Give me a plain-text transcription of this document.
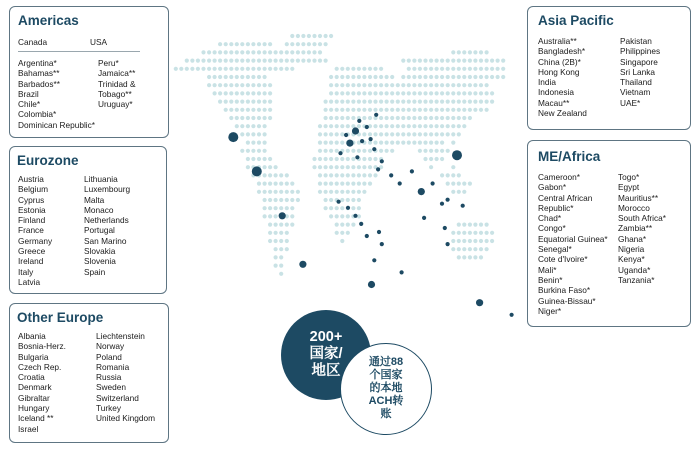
Americas
Canada	USA
Argentina*
Bahamas**
Barbados**
Brazil
Chile*
Colombia*
Dominican Republic*
Peru*
Jamaica**
Trinidad &
Tobago**
Uruguay*
Eurozone
Austria
Belgium
Cyprus
Estonia
Finland
France
Germany
Greece
Ireland
Italy
Latvia
Lithuania
Luxembourg
Malta
Monaco
Netherlands
Portugal
San Marino
Slovakia
Slovenia
Spain
Other Europe
Albania
Bosnia-Herz.
Bulgaria
Czech Rep.
Croatia
Denmark
Gibraltar
Hungary
Iceland **
Israel
Liechtenstein
Norway
Poland
Romania
Russia
Sweden
Switzerland
Turkey
United Kingdom
Asia Pacific
Australia**
Bangladesh*
China (2B)*
Hong Kong
India
Indonesia
Macau**
New Zealand
Pakistan
Philippines
Singapore
Sri Lanka
Thailand
Vietnam
UAE*
ME/Africa
Cameroon*
Gabon*
Central African
Republic*
Chad*
Congo*
Equatorial Guinea*
Senegal*
Cote d'Ivoire*
Mali*
Benin*
Burkina Faso*
Guinea-Bissau*
Niger*
Togo*
Egypt
Mauritius**
Morocco
South Africa*
Zambia**
Ghana*
Nigeria
Kenya*
Uganda*
Tanzania*
200+
国家/
地区
通过88
个国家
的本地
ACH转
账
